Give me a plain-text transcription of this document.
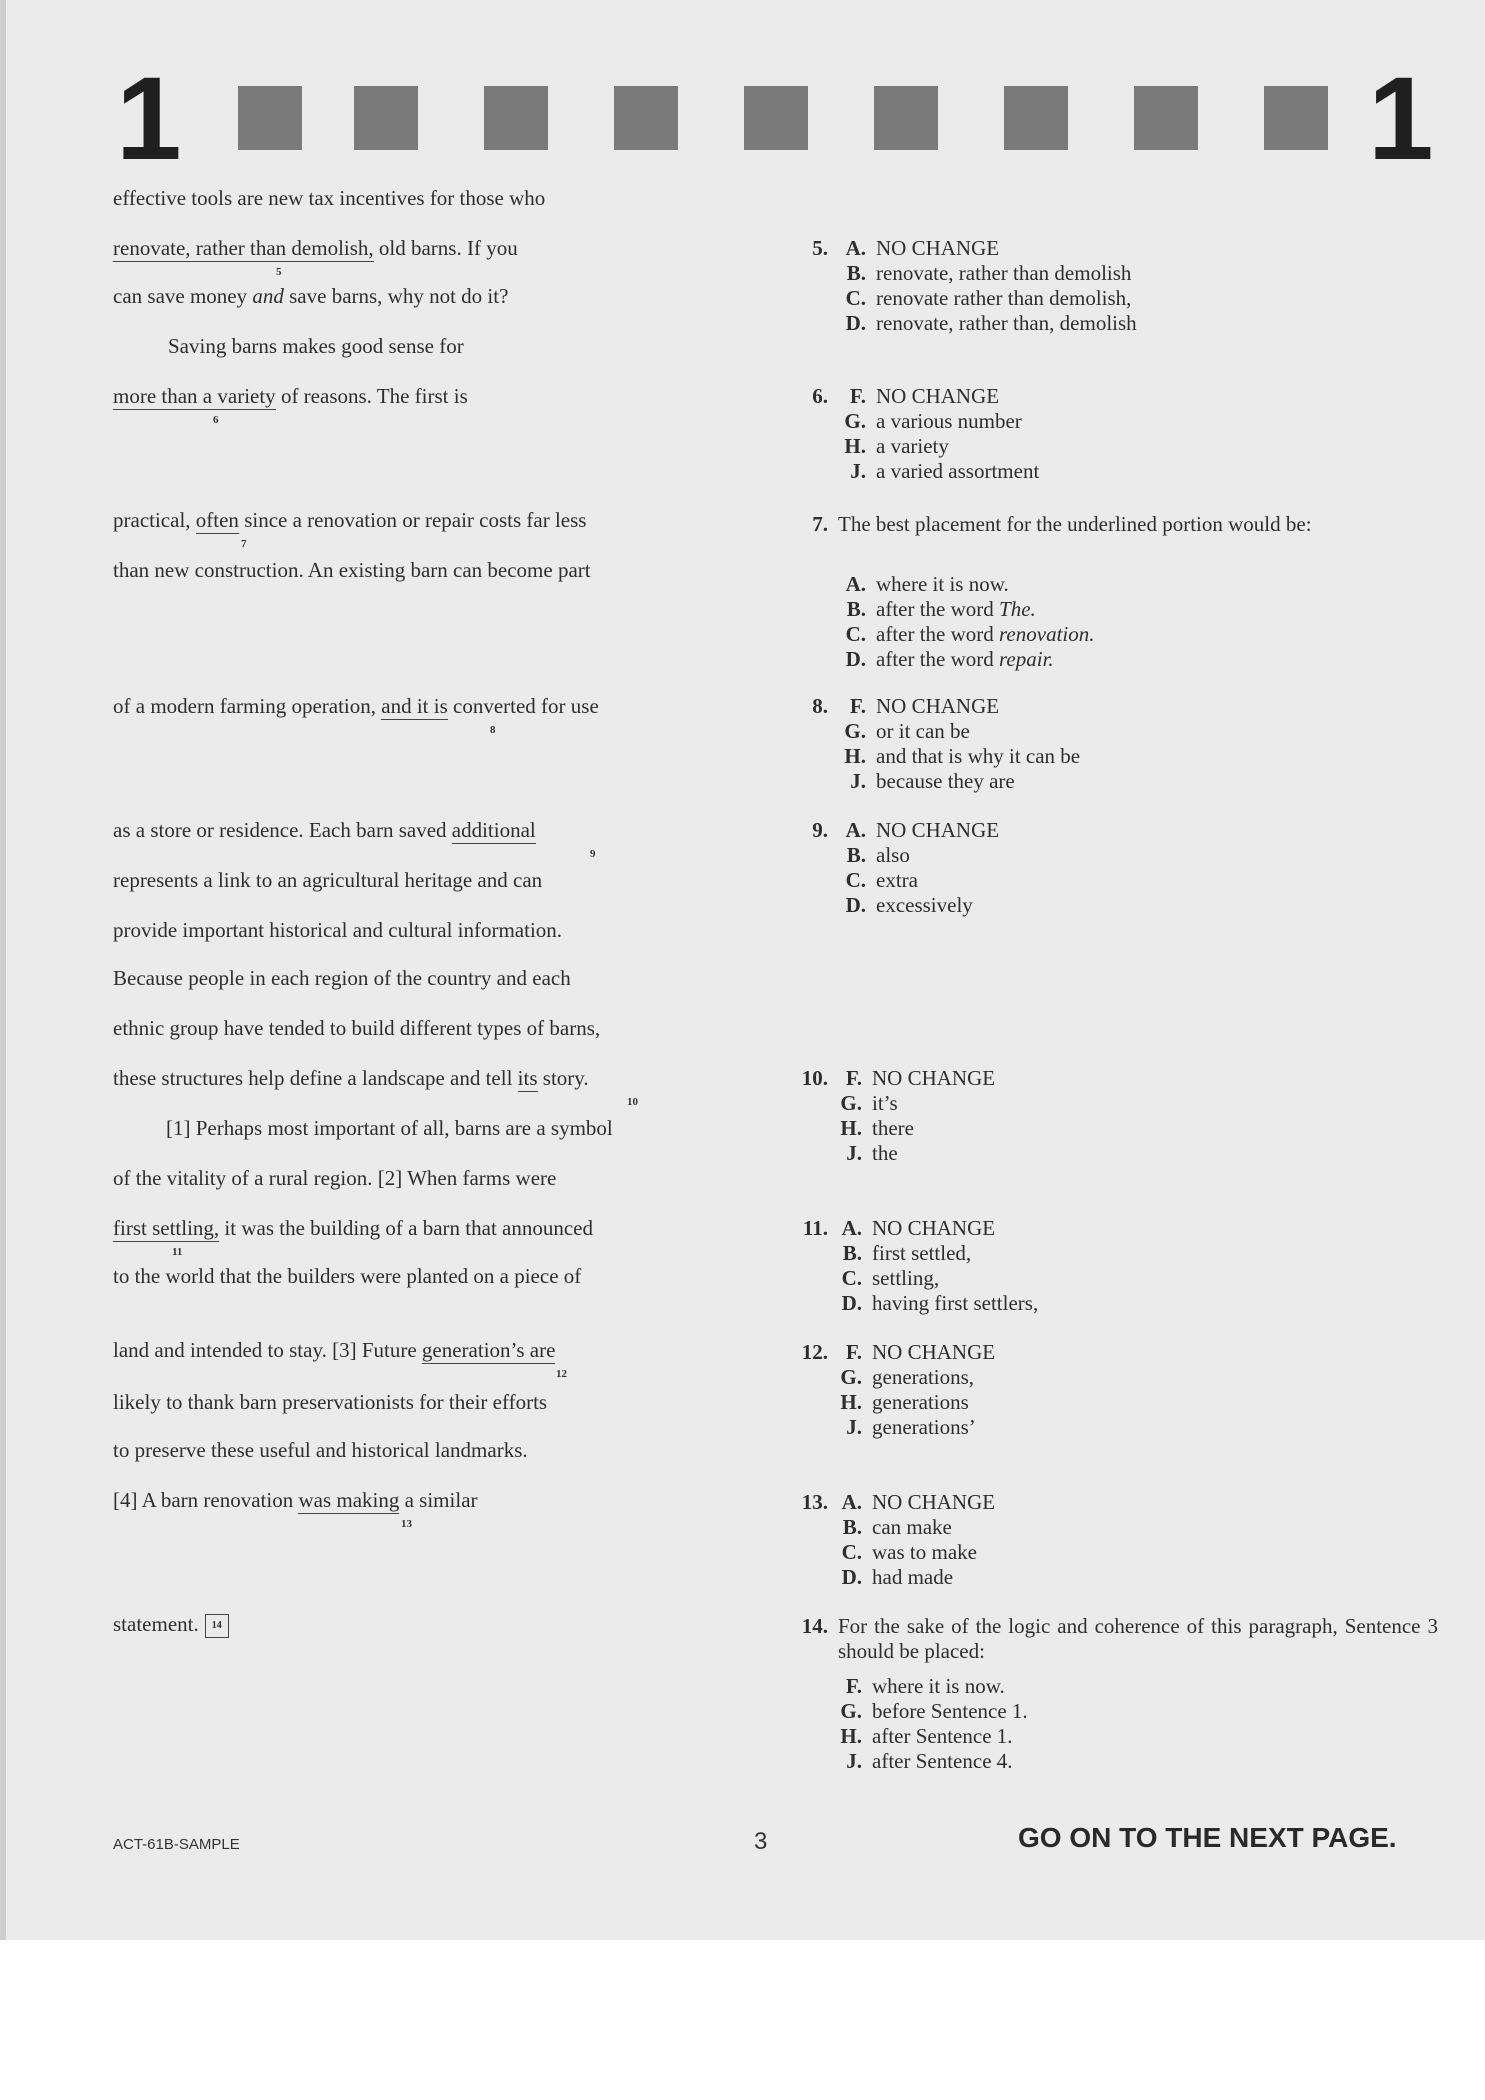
1	1
effective tools are new tax incentives for those who
renovate, rather than demolish, old barns. If you
5
can save money and save barns, why not do it?
Saving barns makes good sense for
more than a variety of reasons. The first is
6
practical, often since a renovation or repair costs far less
7
than new construction. An existing barn can become part
of a modern farming operation, and it is converted for use
8
as a store or residence. Each barn saved additional
9
represents a link to an agricultural heritage and can
provide important historical and cultural information.
Because people in each region of the country and each
ethnic group have tended to build different types of barns,
these structures help define a landscape and tell its story.
10
[1] Perhaps most important of all, barns are a symbol
of the vitality of a rural region. [2] When farms were
first settling, it was the building of a barn that announced
11
to the world that the builders were planted on a piece of
land and intended to stay. [3] Future generation’s are
12
likely to thank barn preservationists for their efforts
to preserve these useful and historical landmarks.
[4] A barn renovation was making a similar
13
statement. 14
5. A. NO CHANGE
B. renovate, rather than demolish
C. renovate rather than demolish,
D. renovate, rather than, demolish
6.	F. NO CHANGE
G. a various number
H. a variety
J. a varied assortment
7. The best placement for the underlined portion would be:
A. where it is now.
B. after the word The.
C. after the word renovation.
D. after the word repair.
8.	F. NO CHANGE
G. or it can be
H. and that is why it can be
J. because they are
9. A. NO CHANGE
B. also
C. extra
D. excessively
10. F. NO CHANGE
G. it’s
H. there
J. the
11. A. NO CHANGE
B. first settled,
C. settling,
D. having first settlers,
12. F. NO CHANGE
G. generations,
H. generations
J. generations’
13. A. NO CHANGE
B. can make
C. was to make
D. had made
14. For the sake of the logic and coherence of this paragraph, Sentence 3 should be placed:
F. where it is now.
G. before Sentence 1.
H. after Sentence 1.
J. after Sentence 4.
ACT-61B-SAMPLE	3	GO ON TO THE NEXT PAGE.
